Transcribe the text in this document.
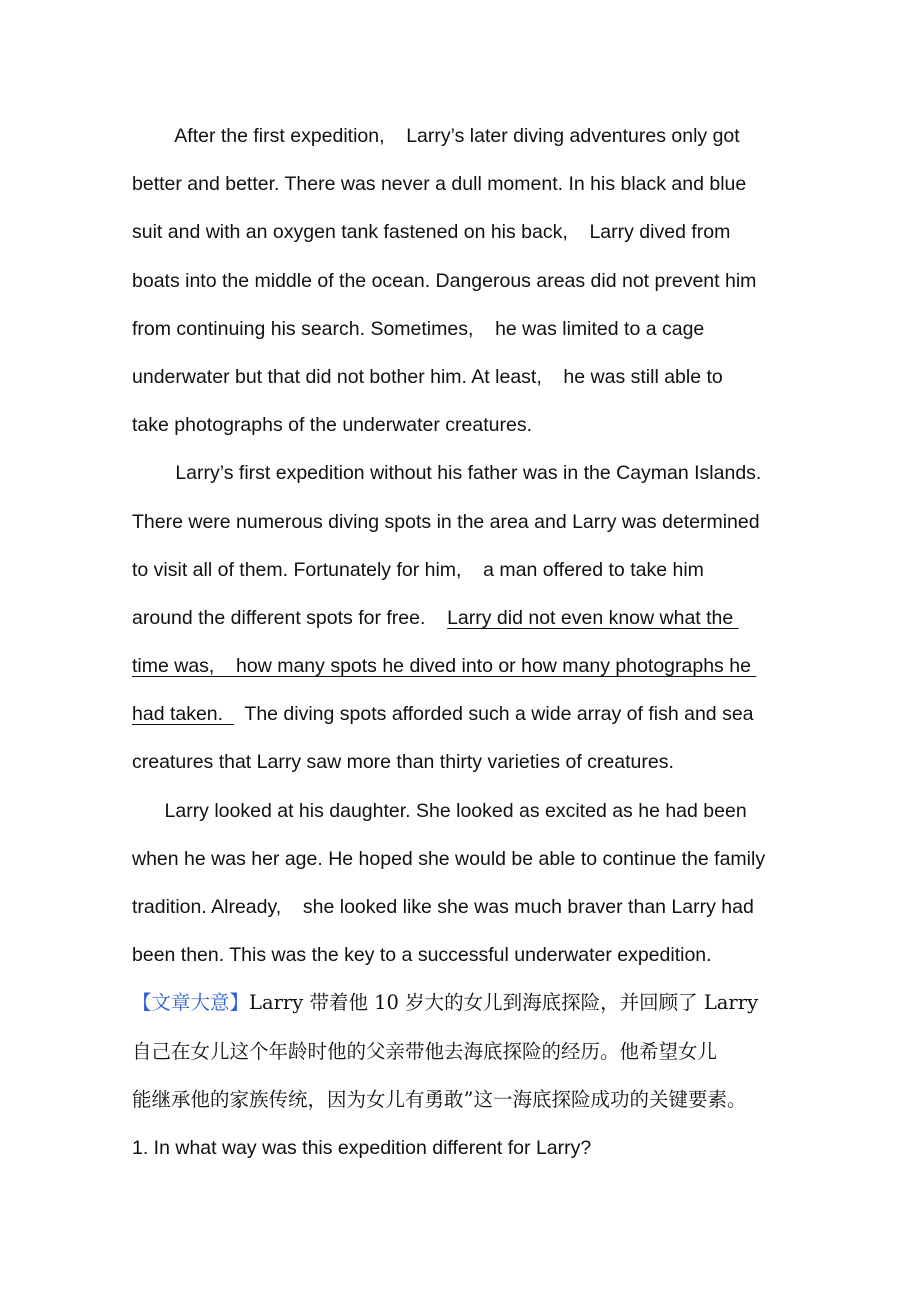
After the first expedition,    Larry’s later diving adventures only got
better and better. There was never a dull moment. In his black and blue
suit and with an oxygen tank fastened on his back,    Larry dived from
boats into the middle of the ocean. Dangerous areas did not prevent him
from continuing his search. Sometimes,    he was limited to a cage
underwater but that did not bother him. At least,    he was still able to
take photographs of the underwater creatures.
Larry’s first expedition without his father was in the Cayman Islands.
There were numerous diving spots in the area and Larry was determined
to visit all of them. Fortunately for him,    a man offered to take him
around the different spots for free.    Larry did not even know what the
time was,    how many spots he dived into or how many photographs he
had taken.    The diving spots afforded such a wide array of fish and sea
creatures that Larry saw more than thirty varieties of creatures.
Larry looked at his daughter. She looked as excited as he had been
when he was her age. He hoped she would be able to continue the family
tradition. Already,    she looked like she was much braver than Larry had
been then. This was the key to a successful underwater expedition.
【文章大意】Larry 带着他 10 岁大的女儿到海底探险，并回顾了 Larry
自己在女儿这个年龄时他的父亲带他去海底探险的经历。他希望女儿
能继承他的家族传统，因为女儿有勇敢”这一海底探险成功的关键要素。
1. In what way was this expedition different for Larry?
